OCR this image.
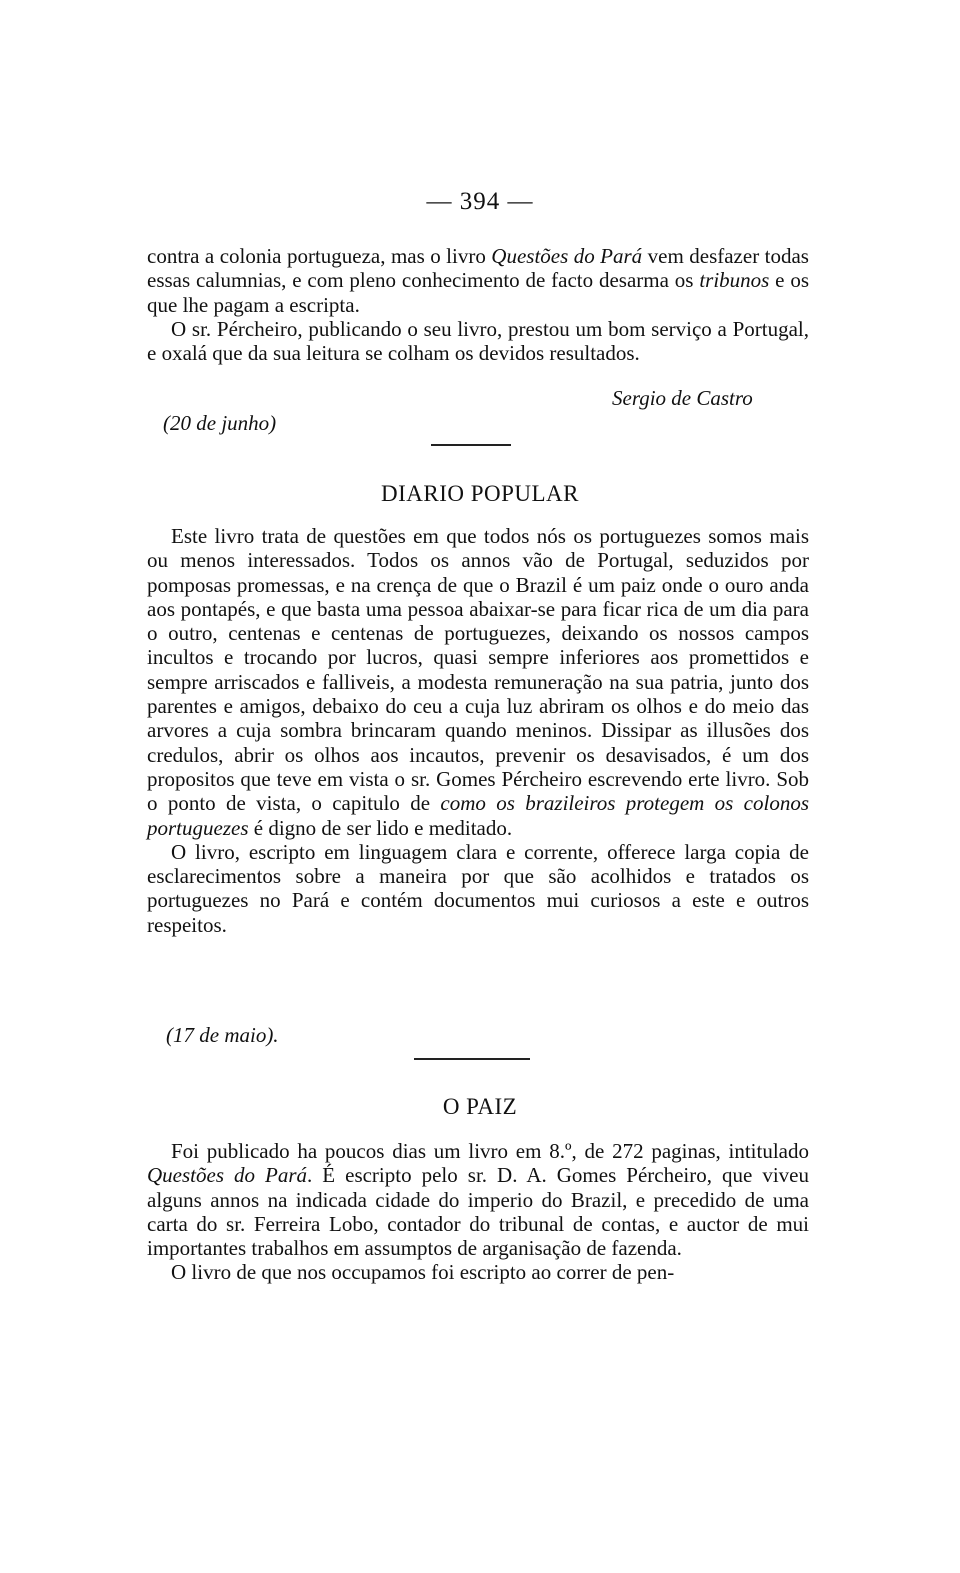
— 394 —

contra a colonia portugueza, mas o livro Questões do Pará vem desfazer todas essas calumnias, e com pleno conhecimento de facto desarma os tribunos e os que lhe pagam a escripta.

O sr. Pércheiro, publicando o seu livro, prestou um bom serviço a Portugal, e oxalá que da sua leitura se colham os devidos resultados.

Sergio de Castro
(20 de junho)
DIARIO POPULAR

Este livro trata de questões em que todos nós os portuguezes somos mais ou menos interessados. Todos os annos vão de Portugal, seduzidos por pomposas promessas, e na crença de que o Brazil é um paiz onde o ouro anda aos pontapés, e que basta uma pessoa abaixar-se para ficar rica de um dia para o outro, centenas e centenas de portuguezes, deixando os nossos campos incultos e trocando por lucros, quasi sempre inferiores aos promettidos e sempre arriscados e falliveis, a modesta remuneração na sua patria, junto dos parentes e amigos, debaixo do ceu a cuja luz abriram os olhos e do meio das arvores a cuja sombra brincaram quando meninos. Dissipar as illusões dos credulos, abrir os olhos aos incautos, prevenir os desavisados, é um dos propositos que teve em vista o sr. Gomes Pércheiro escrevendo erte livro. Sob o ponto de vista, o capitulo de como os brazileiros protegem os colonos portuguezes é digno de ser lido e meditado.

O livro, escripto em linguagem clara e corrente, offerece larga copia de esclarecimentos sobre a maneira por que são acolhidos e tratados os portuguezes no Pará e contém documentos mui curiosos a este e outros respeitos.

(17 de maio).
O PAIZ

Foi publicado ha poucos dias um livro em 8.º, de 272 paginas, intitulado Questões do Pará. É escripto pelo sr. D. A. Gomes Pércheiro, que viveu alguns annos na indicada cidade do imperio do Brazil, e precedido de uma carta do sr. Ferreira Lobo, contador do tribunal de contas, e auctor de mui importantes trabalhos em assumptos de arganisação de fazenda.

O livro de que nos occupamos foi escripto ao correr de pen-
